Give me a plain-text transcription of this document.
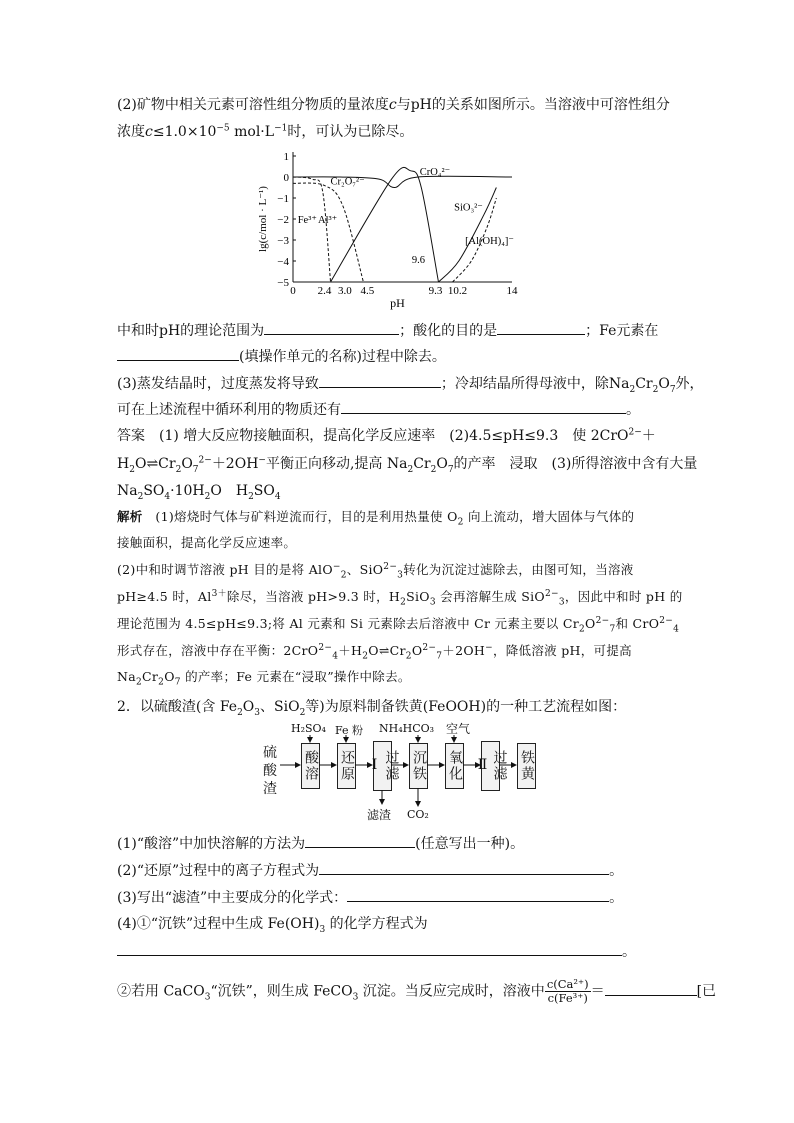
(2)矿物中相关元素可溶性组分物质的量浓度c与pH的关系如图所示。当溶液中可溶性组分
浓度$c\le 1.0\times 10^{-5}$ $mol\cdot L^{-1}$时，可认为已除尽。
1
0
−1
−2
−3
−4
−5
0 2.4 3.0 4.5	9.3 10.2	14
pH
lg(c/mol · L⁻¹)	Fe³⁺ Al³⁺
Cr₂O₇²⁻
CrO₄²⁻
SiO₃²⁻
[Al(OH)₄]⁻
9.6
中和时pH的理论范围为	；酸化的目的是	；Fe元素在
(填操作单元的名称)过程中除去。
(3)蒸发结晶时，过度蒸发将导致	；冷却结晶所得母液中，除$Na_2Cr_2O_7$外，
可在上述流程中循环利用的物质还有	。
答案　 (1) 增大反应物接触面积，提高化学反应速率　(2)4.5≤pH≤9.3　使 2CrO$^{2-}$＋
$H_2O\rightleftharpoons Cr_2O_7^{2-}+2OH^-$平衡正向移动,提高 $Na_2Cr_2O_7$的产率　浸取　(3)所得溶液中含有大量
$Na_2SO_4\cdot 10H_2O$　$H_2SO_4$
解析　 (1)熔烧时气体与矿料逆流而行，目的是利用热量使 $O_2$ 向上流动，增大固体与气体的
接触面积，提高化学反应速率。
(2)中和时调节溶液 pH 目的是将 AlO−$_2$、SiO$^{2-}_3$转化为沉淀过滤除去，由图可知，当溶液
pH≥4.5 时，$Al^{3+}$除尽，当溶液 pH>9.3 时，$H_2SiO_3$ 会再溶解生成 SiO$^{2-}_3$，因此中和时 pH 的
理论范围为 4.5≤pH≤9.3;将 Al 元素和 Si 元素除去后溶液中 Cr 元素主要以 $Cr_2O^{2-}_7$和 CrO$^{2-}_4$
形式存在，溶液中存在平衡：$2CrO^{2-}_4+H_2O\rightleftharpoons Cr_2O^{2-}_7+2OH^-$，降低溶液 pH，可提高
$Na_2Cr_2O_7$ 的产率；Fe 元素在“浸取”操作中除去。
2．以硫酸渣(含 $Fe_2O_3$、SiO$_2$等)为原料制备铁黄(FeOOH)的一种工艺流程如图：
硫酸渣
H₂SO₄ Fe 粉 NH₄HCO₃ 空气
酸溶 还原	过滤Ⅰ	沉铁 氧化	过滤Ⅱ	铁黄
滤渣 CO₂
(1)“酸溶”中加快溶解的方法为	(任意写出一种)。
(2)“还原”过程中的离子方程式为	。
(3)写出“滤渣”中主要成分的化学式：	。
(4)①“沉铁”过程中生成 $Fe(OH)_3$ 的化学方程式为
。
②若用 CaCO$_3$“沉铁”，则生成 FeCO$_3$ 沉淀。当反应完成时，溶液中 $\frac{\text{c(Ca²⁺)}}{\text{c(Fe³⁺)}}$ ＝	[已
